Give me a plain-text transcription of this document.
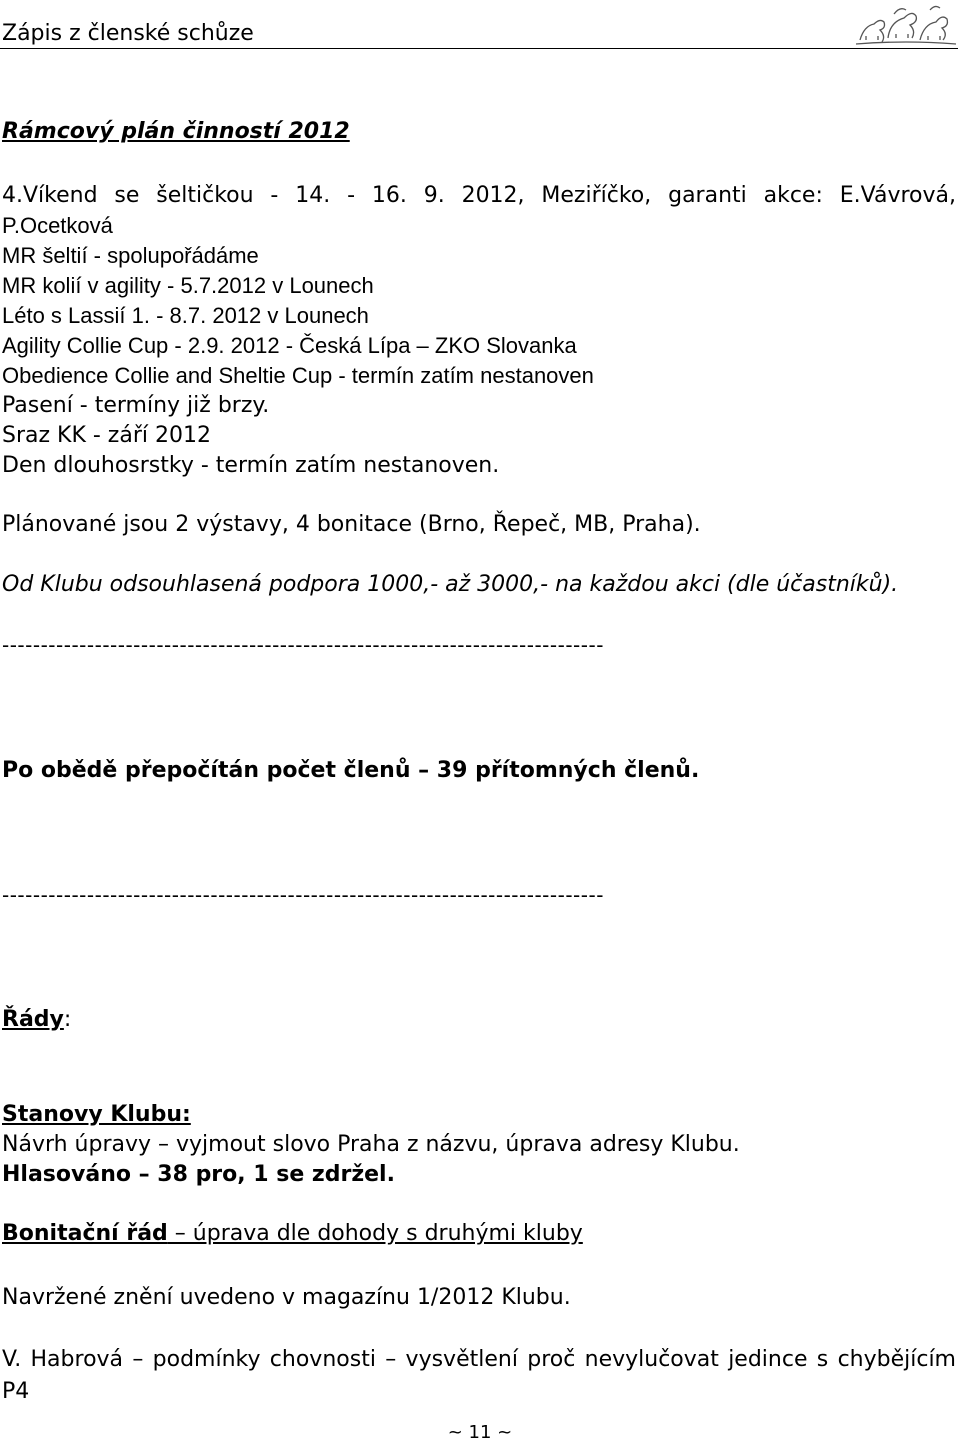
Zápis z členské schůze
Rámcový plán činností 2012
4.Víkend se šeltičkou - 14. - 16. 9. 2012, Meziříčko, garanti akce: E.Vávrová,
P.Ocetková
MR šeltií - spolupořádáme
MR kolií v agility - 5.7.2012 v Lounech
Léto s Lassií 1. - 8.7. 2012 v Lounech
Agility Collie Cup - 2.9. 2012 - Česká Lípa – ZKO Slovanka
Obedience Collie and Sheltie Cup - termín zatím nestanoven
Pasení - termíny již brzy.
Sraz KK - září 2012
Den dlouhosrstky - termín zatím nestanoven.
Plánované jsou 2 výstavy, 4 bonitace (Brno, Řepeč, MB, Praha).
Od Klubu odsouhlasená podpora 1000,- až 3000,- na každou akci (dle účastníků).
------------------------------------------------------------------------------
Po obědě přepočítán počet členů – 39 přítomných členů.
------------------------------------------------------------------------------
Řády:
Stanovy Klubu:
Návrh úpravy – vyjmout slovo Praha z názvu, úprava adresy Klubu.
Hlasováno – 38 pro, 1 se zdržel.
Bonitační řád – úprava dle dohody s druhými kluby
Navržené znění uvedeno v magazínu 1/2012 Klubu.
V. Habrová – podmínky chovnosti – vysvětlení proč nevylučovat jedince s chybějícím P4
~ 11 ~
